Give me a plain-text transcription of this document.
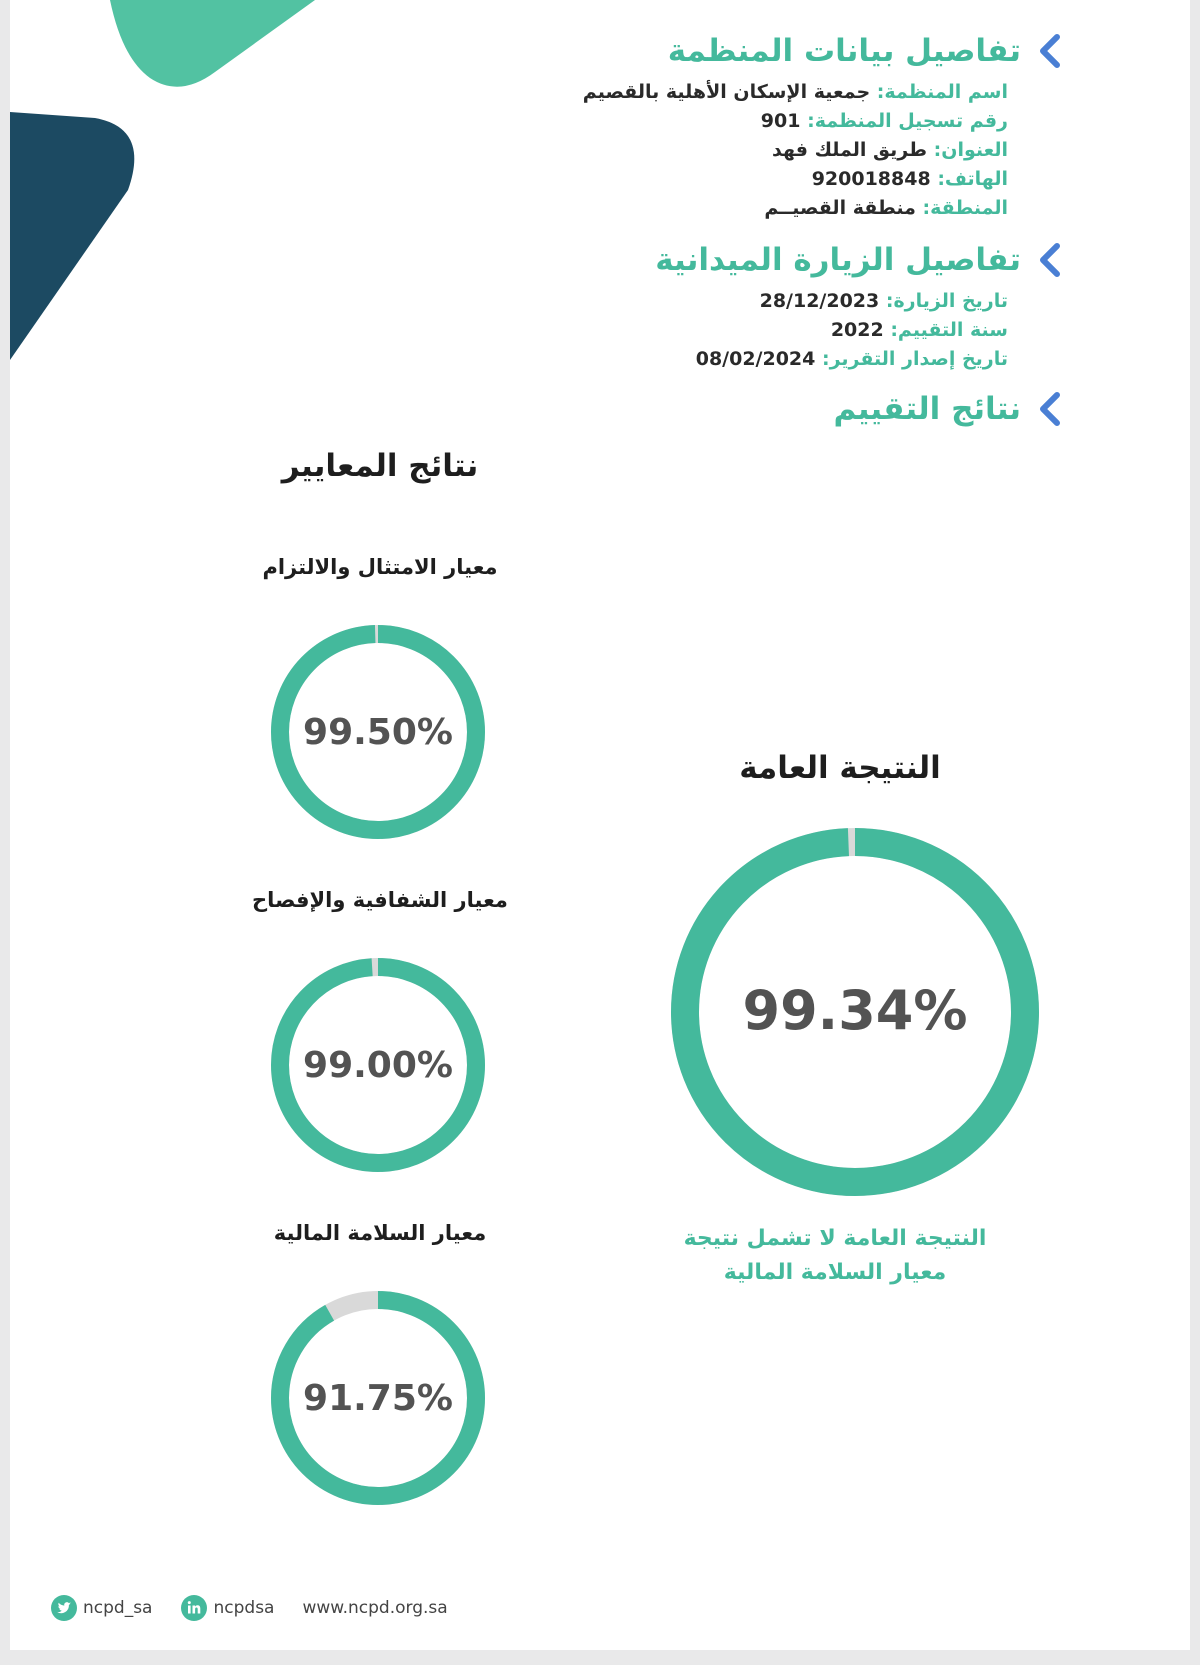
تفاصيل بيانات المنظمة
اسم المنظمة: جمعية الإسكان الأهلية بالقصيم
رقم تسجيل المنظمة: 901
العنوان: طريق الملك فهد
الهاتف: 920018848
المنطقة: منطقة القصيــم
تفاصيل الزيارة الميدانية
تاريخ الزيارة: 28/12/2023
سنة التقييم: 2022
تاريخ إصدار التقرير: 08/02/2024
نتائج التقييم
نتائج المعايير
معيار الامتثال والالتزام
99.50%
معيار الشفافية والإفصاح
99.00%
معيار السلامة المالية
91.75%
النتيجة العامة
99.34%
النتيجة العامة لا تشمل نتيجة
معيار السلامة المالية
ncpd_sa	ncpdsa www.ncpd.org.sa
